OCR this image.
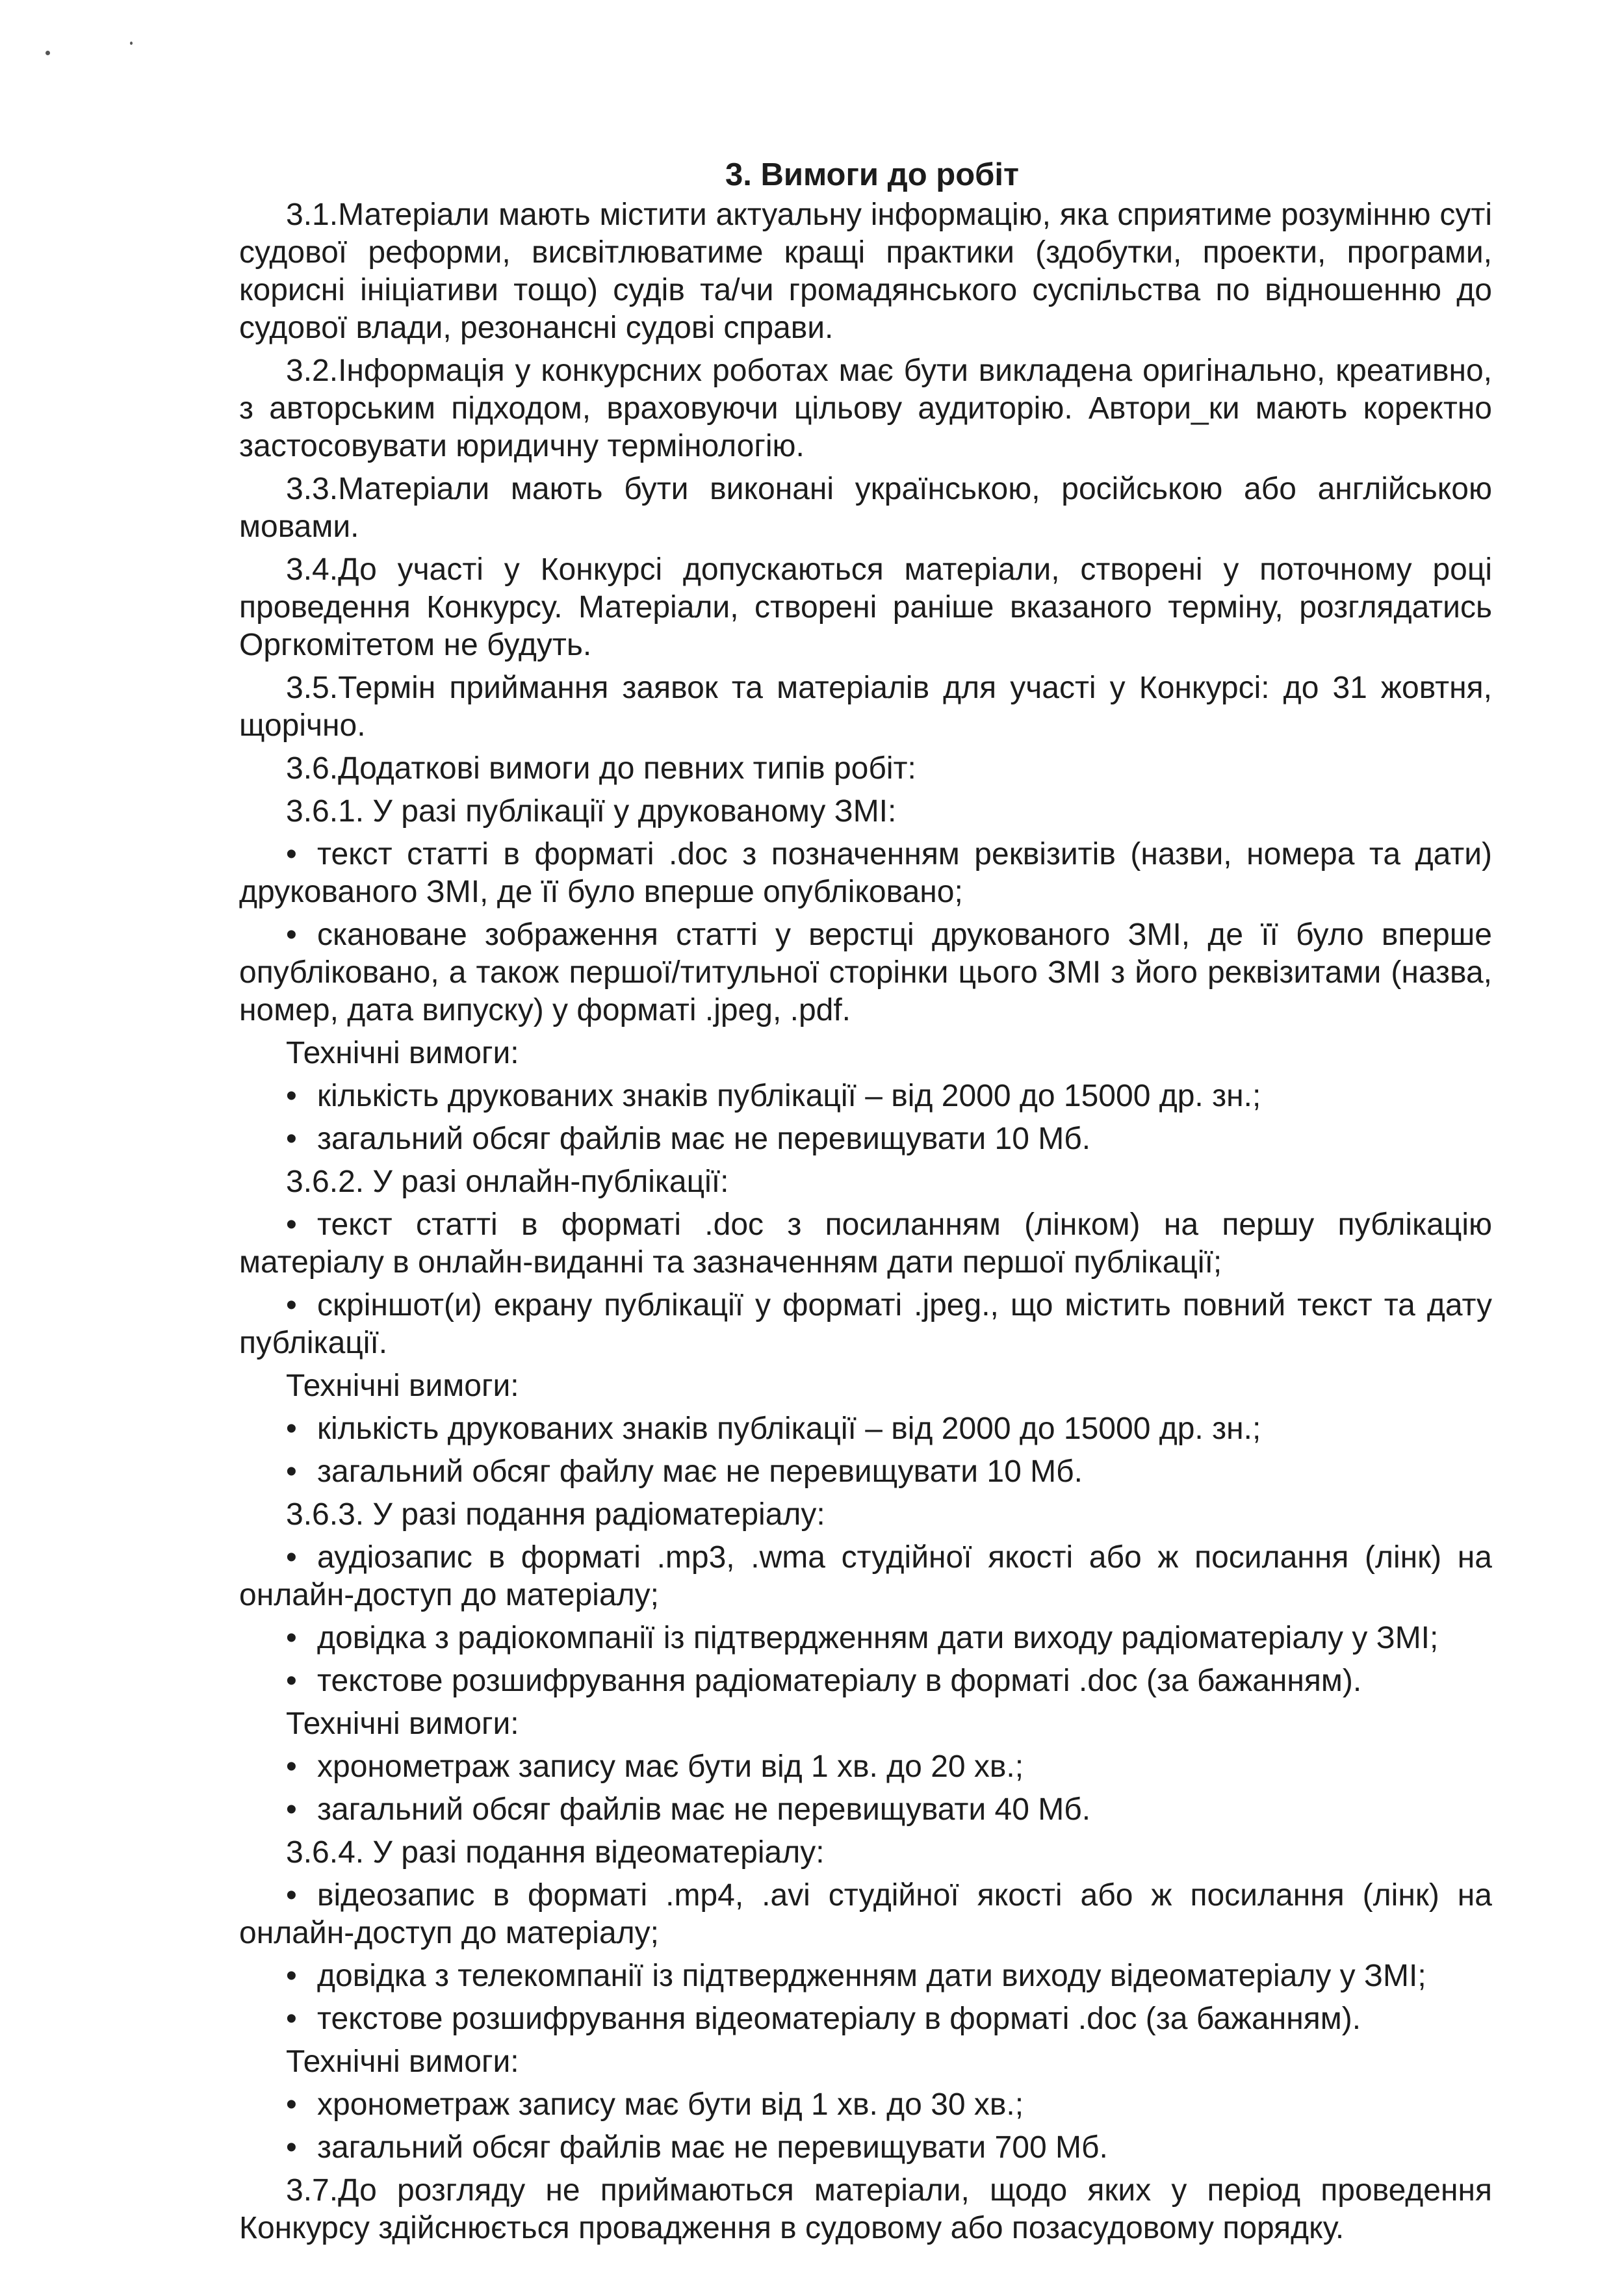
3. Вимоги до робіт

3.1.Матеріали мають містити актуальну інформацію, яка сприятиме розумінню суті судової реформи, висвітлюватиме кращі практики (здобутки, проекти, програми, корисні ініціативи тощо) судів та/чи громадянського суспільства по відношенню до судової влади, резонансні судові справи.

3.2.Інформація у конкурсних роботах має бути викладена оригінально, креативно, з авторським підходом, враховуючи цільову аудиторію. Автори_ки мають коректно застосовувати юридичну термінологію.

3.3.Матеріали мають бути виконані українською, російською або англійською мовами.

3.4.До участі у Конкурсі допускаються матеріали, створені у поточному році проведення Конкурсу. Матеріали, створені раніше вказаного терміну, розглядатись Оргкомітетом не будуть.

3.5.Термін приймання заявок та матеріалів для участі у Конкурсі: до 31 жовтня, щорічно.

3.6.Додаткові вимоги до певних типів робіт:

3.6.1. У разі публікації у друкованому ЗМІ:

• текст статті в форматі .doc з позначенням реквізитів (назви, номера та дати) друкованого ЗМІ, де її було вперше опубліковано;

• сканoване зображення статті у верстці друкованого ЗМІ, де її було вперше опубліковано, а також першої/титульної сторінки цього ЗМІ з його реквізитами (назва, номер, дата випуску) у форматі .jpeg, .pdf.

Технічні вимоги:

• кількість друкованих знаків публікації – від 2000 до 15000 др. зн.;

• загальний обсяг файлів має не перевищувати 10 Мб.

3.6.2. У разі онлайн-публікації:

• текст статті в форматі .doc з посиланням (лінком) на першу публікацію матеріалу в онлайн-виданні та зазначенням дати першої публікації;

• скріншот(и) екрану публікації у форматі .jpeg., що містить повний текст та дату публікації.

Технічні вимоги:

• кількість друкованих знаків публікації – від 2000 до 15000 др. зн.;

• загальний обсяг файлу має не перевищувати 10 Мб.

3.6.3. У разі подання радіоматеріалу:

• аудіозапис в форматі .mp3, .wma студійної якості або ж посилання (лінк) на онлайн-доступ до матеріалу;

• довідка з радіокомпанії із підтвердженням дати виходу радіоматеріалу у ЗМІ;

• текстове розшифрування радіоматеріалу в форматі .doc (за бажанням).

Технічні вимоги:

• хронометраж запису має бути від 1 хв. до 20 хв.;

• загальний обсяг файлів має не перевищувати 40 Мб.

3.6.4. У разі подання відеоматеріалу:

• відеозапис в форматі .mp4, .avi студійної якості або ж посилання (лінк) на онлайн-доступ до матеріалу;

• довідка з телекомпанії із підтвердженням дати виходу відеоматеріалу у ЗМІ;

• текстове розшифрування відеоматеріалу в форматі .doc (за бажанням).

Технічні вимоги:

• хронометраж запису має бути від 1 хв. до 30 хв.;

• загальний обсяг файлів має не перевищувати 700 Мб.

3.7.До розгляду не приймаються матеріали, щодо яких у період проведення Конкурсу здійснюється провадження в судовому або позасудовому порядку.
